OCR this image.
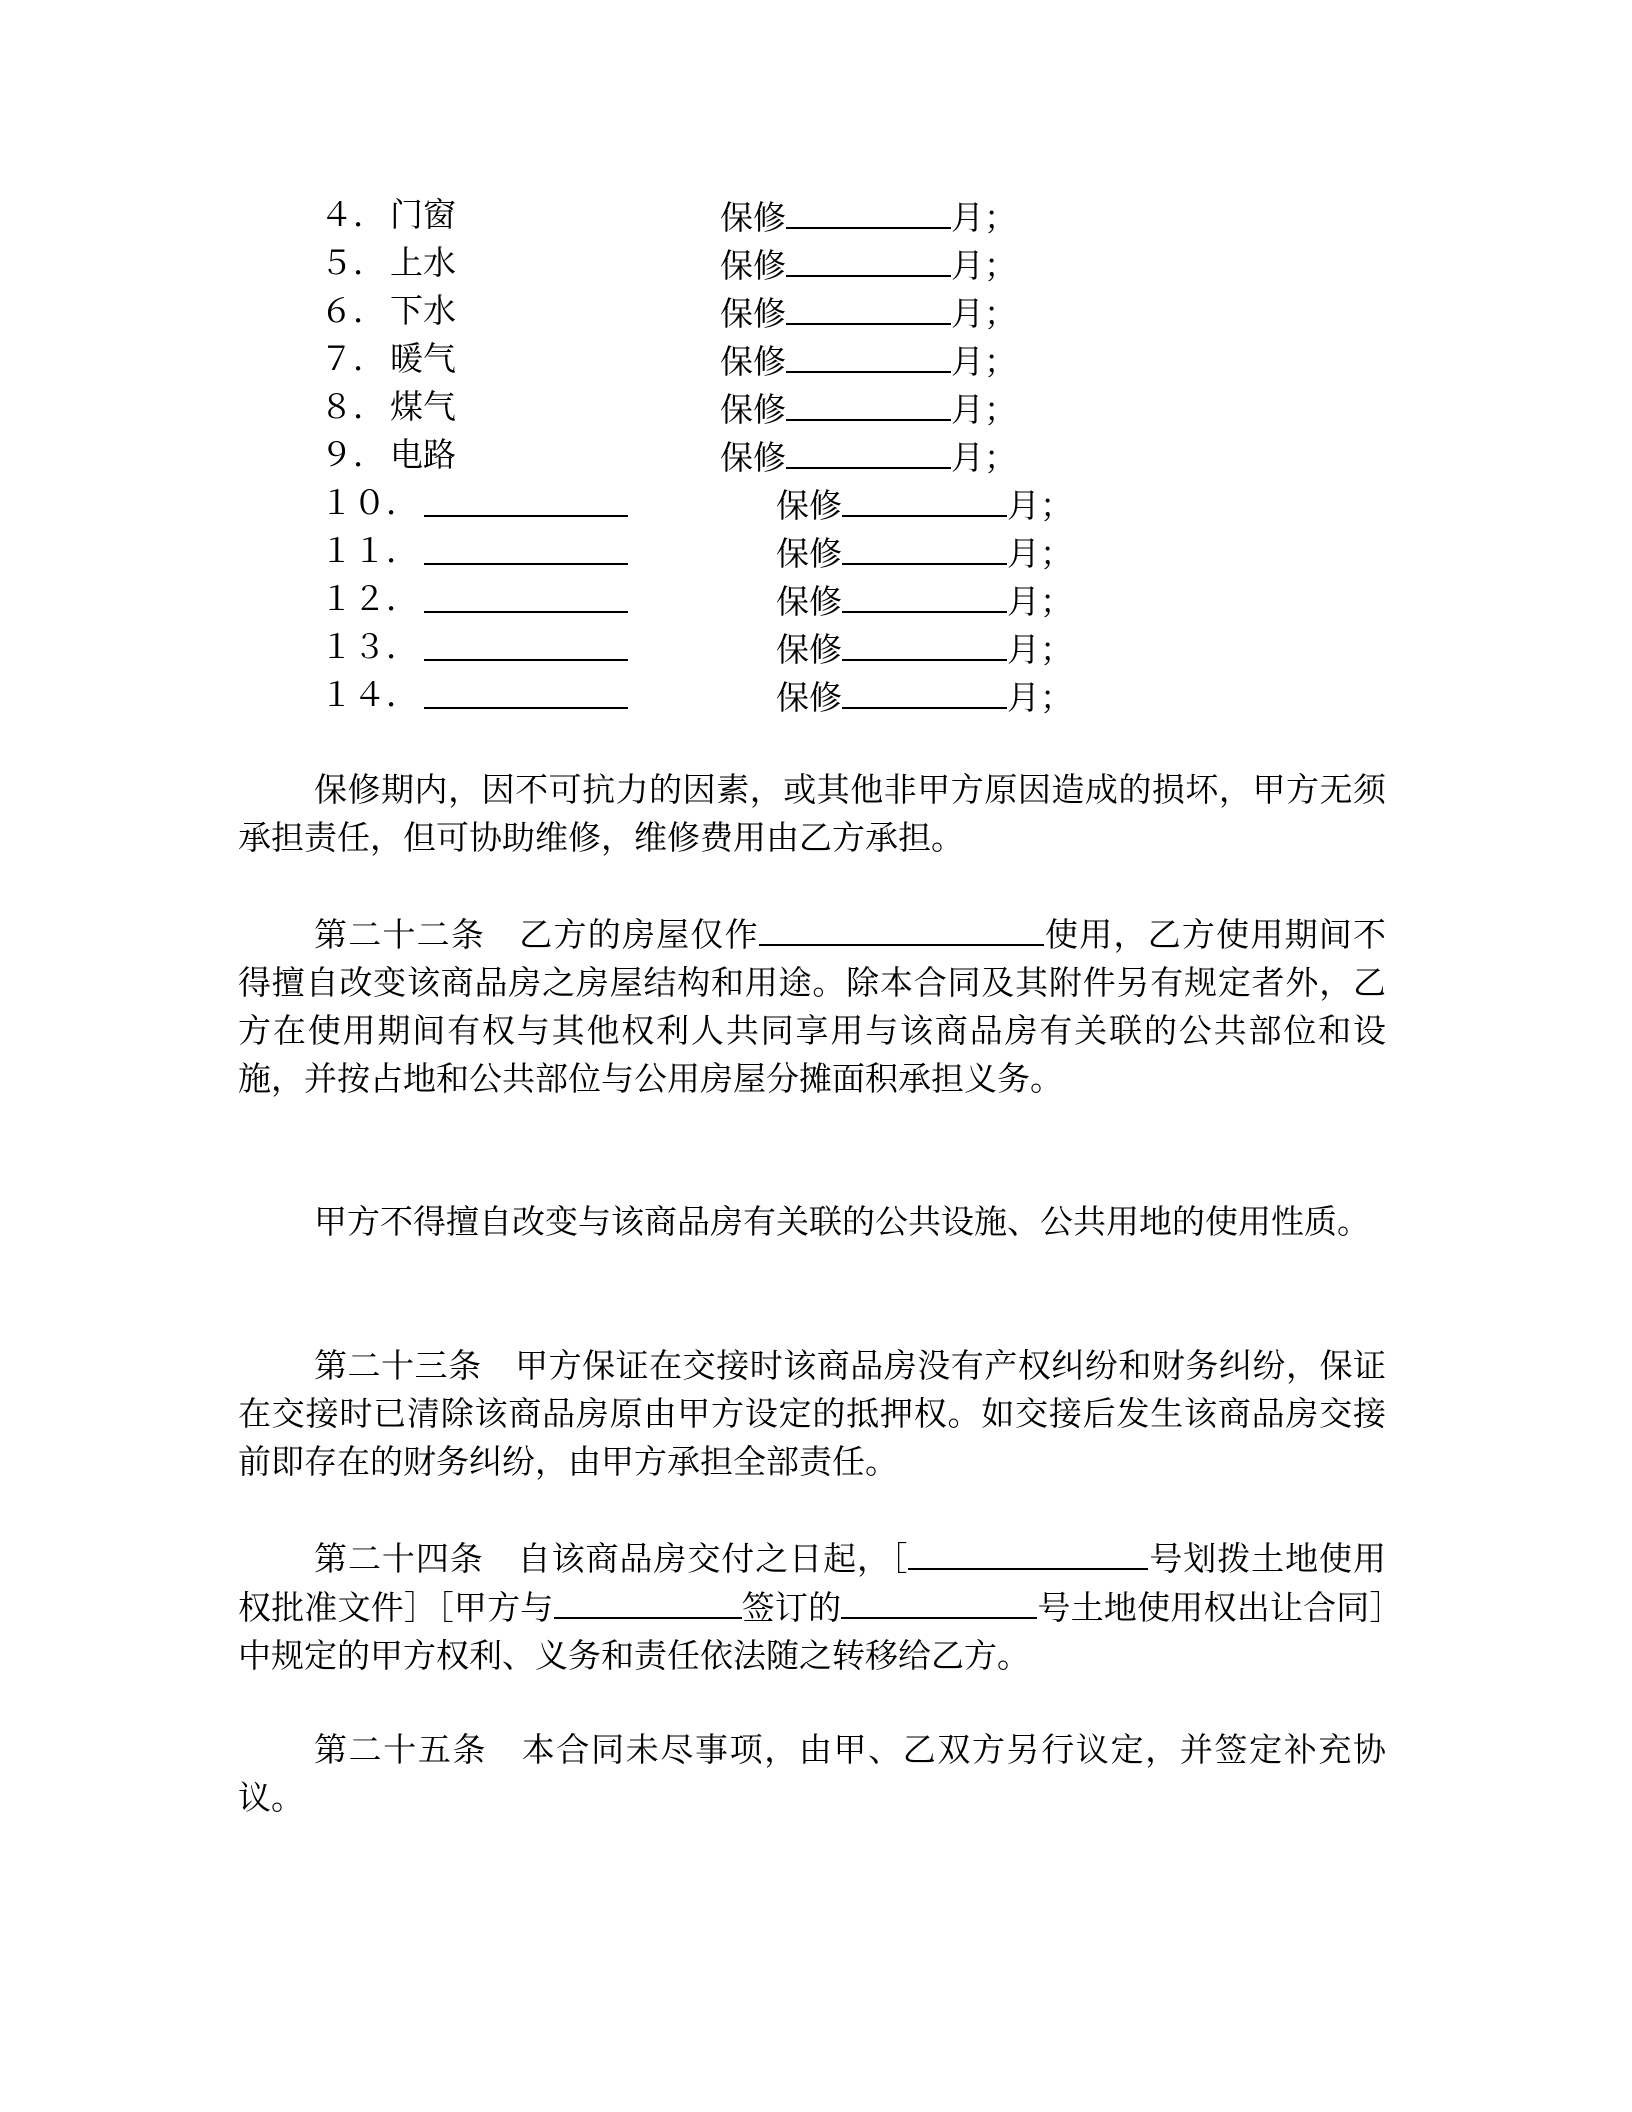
４． 门窗	保修	月；
５． 上水	保修	月；
６． 下水	保修	月；
７． 暖气	保修	月；
８． 煤气	保修	月；
９． 电路	保修	月；
１０．	保修	月；
１１．	保修	月；
１２．	保修	月；
１３．	保修	月；
１４．	保修	月；
保修期内，因不可抗力的因素，或其他非甲方原因造成的损坏，甲方无须承担责任，但可协助维修，维修费用由乙方承担。
第二十二条　乙方的房屋仅作	使用，乙方使用期间不得擅自改变该商品房之房屋结构和用途。除本合同及其附件另有规定者外，乙方在使用期间有权与其他权利人共同享用与该商品房有关联的公共部位和设施，并按占地和公共部位与公用房屋分摊面积承担义务。
甲方不得擅自改变与该商品房有关联的公共设施、公共用地的使用性质。
第二十三条　甲方保证在交接时该商品房没有产权纠纷和财务纠纷，保证在交接时已清除该商品房原由甲方设定的抵押权。如交接后发生该商品房交接前即存在的财务纠纷，由甲方承担全部责任。
第二十四条　自该商品房交付之日起，［	号划拨土地使用权批准文件］［甲方与	签订的	号土地使用权出让合同］中规定的甲方权利、义务和责任依法随之转移给乙方。
第二十五条　本合同未尽事项，由甲、乙双方另行议定，并签定补充协议。
